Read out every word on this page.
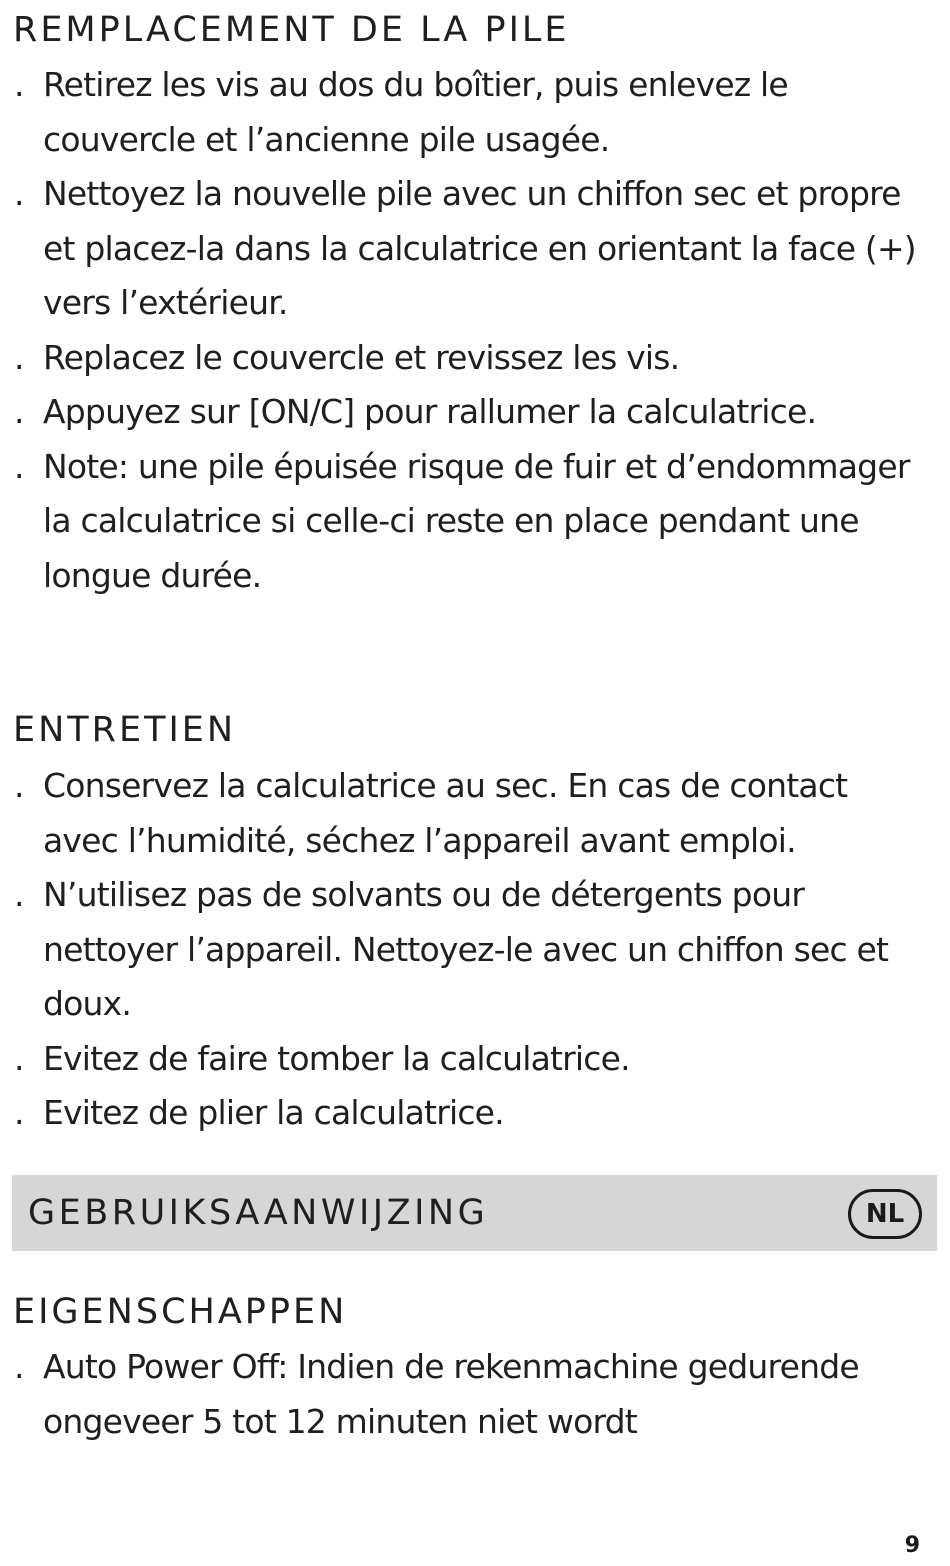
REMPLACEMENT DE LA PILE
. Retirez les vis au dos du boîtier, puis enlevez le couvercle et l’ancienne pile usagée.
. Nettoyez la nouvelle pile avec un chiffon sec et propre et placez-la dans la calculatrice en orientant la face (+) vers l’extérieur.
. Replacez le couvercle et revissez les vis.
. Appuyez sur [ON/C] pour rallumer la calculatrice.
. Note: une pile épuisée risque de fuir et d’endommager la calculatrice si celle-ci reste en place pendant une longue durée.
ENTRETIEN
. Conservez la calculatrice au sec. En cas de contact avec l’humidité, séchez l’appareil avant emploi.
. N’utilisez pas de solvants ou de détergents pour nettoyer l’appareil. Nettoyez-le avec un chiffon sec et doux.
. Evitez de faire tomber la calculatrice.
. Evitez de plier la calculatrice.
GEBRUIKSAANWIJZING	NL
EIGENSCHAPPEN
. Auto Power Off: Indien de rekenmachine gedurende ongeveer 5 tot 12 minuten niet wordt
9
